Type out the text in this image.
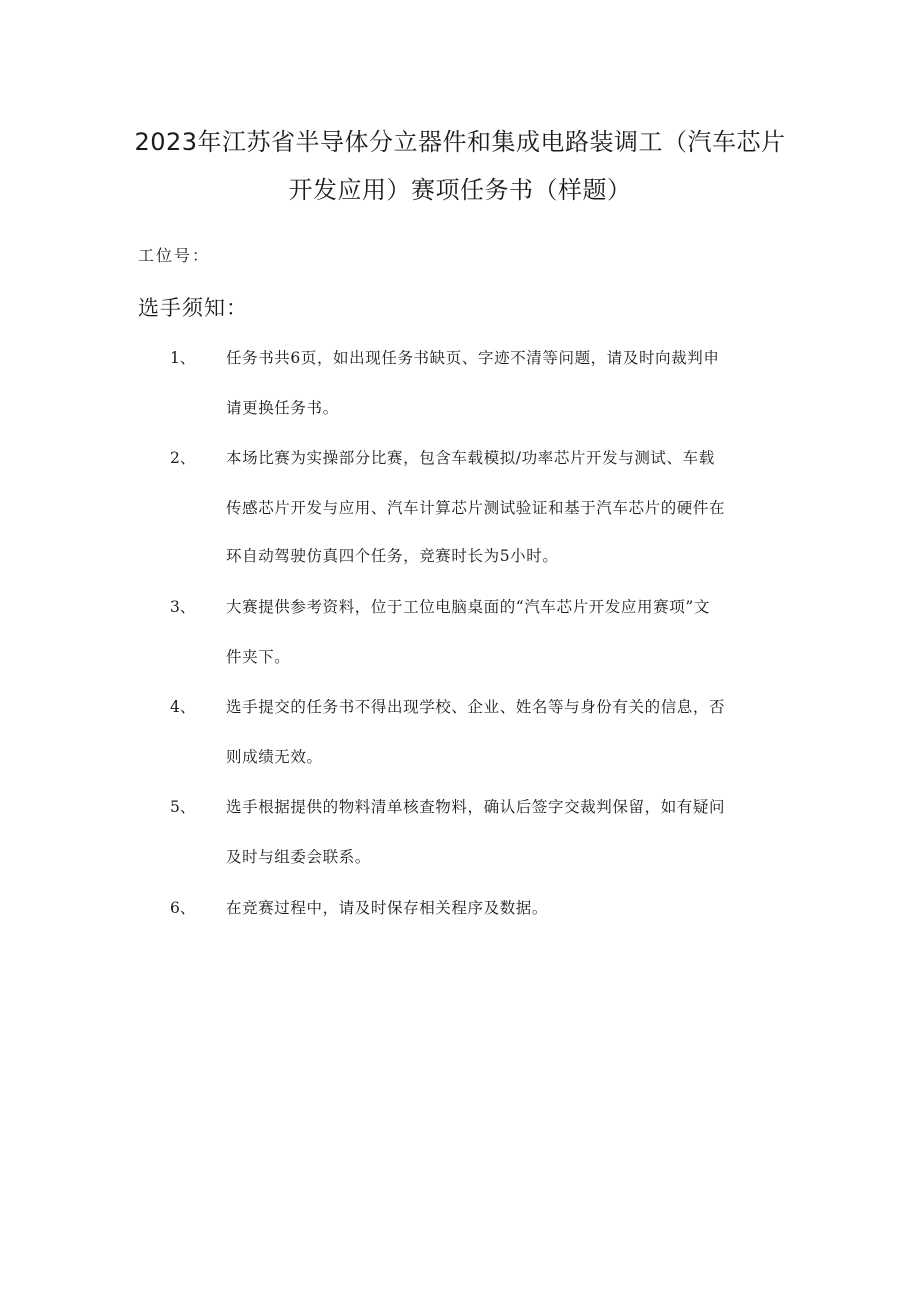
2023年江苏省半导体分立器件和集成电路装调工（汽车芯片
开发应用）赛项任务书（样题）
工位号：
选手须知：
1、 任务书共6页，如出现任务书缺页、字迹不清等问题，请及时向裁判申
请更换任务书。
2、 本场比赛为实操部分比赛，包含车载模拟/功率芯片开发与测试、车载
传感芯片开发与应用、汽车计算芯片测试验证和基于汽车芯片的硬件在
环自动驾驶仿真四个任务，竞赛时长为5小时。
3、 大赛提供参考资料，位于工位电脑桌面的“汽车芯片开发应用赛项”文
件夹下。
4、 选手提交的任务书不得出现学校、企业、姓名等与身份有关的信息，否
则成绩无效。
5、 选手根据提供的物料清单核查物料，确认后签字交裁判保留，如有疑问
及时与组委会联系。
6、 在竞赛过程中，请及时保存相关程序及数据。
